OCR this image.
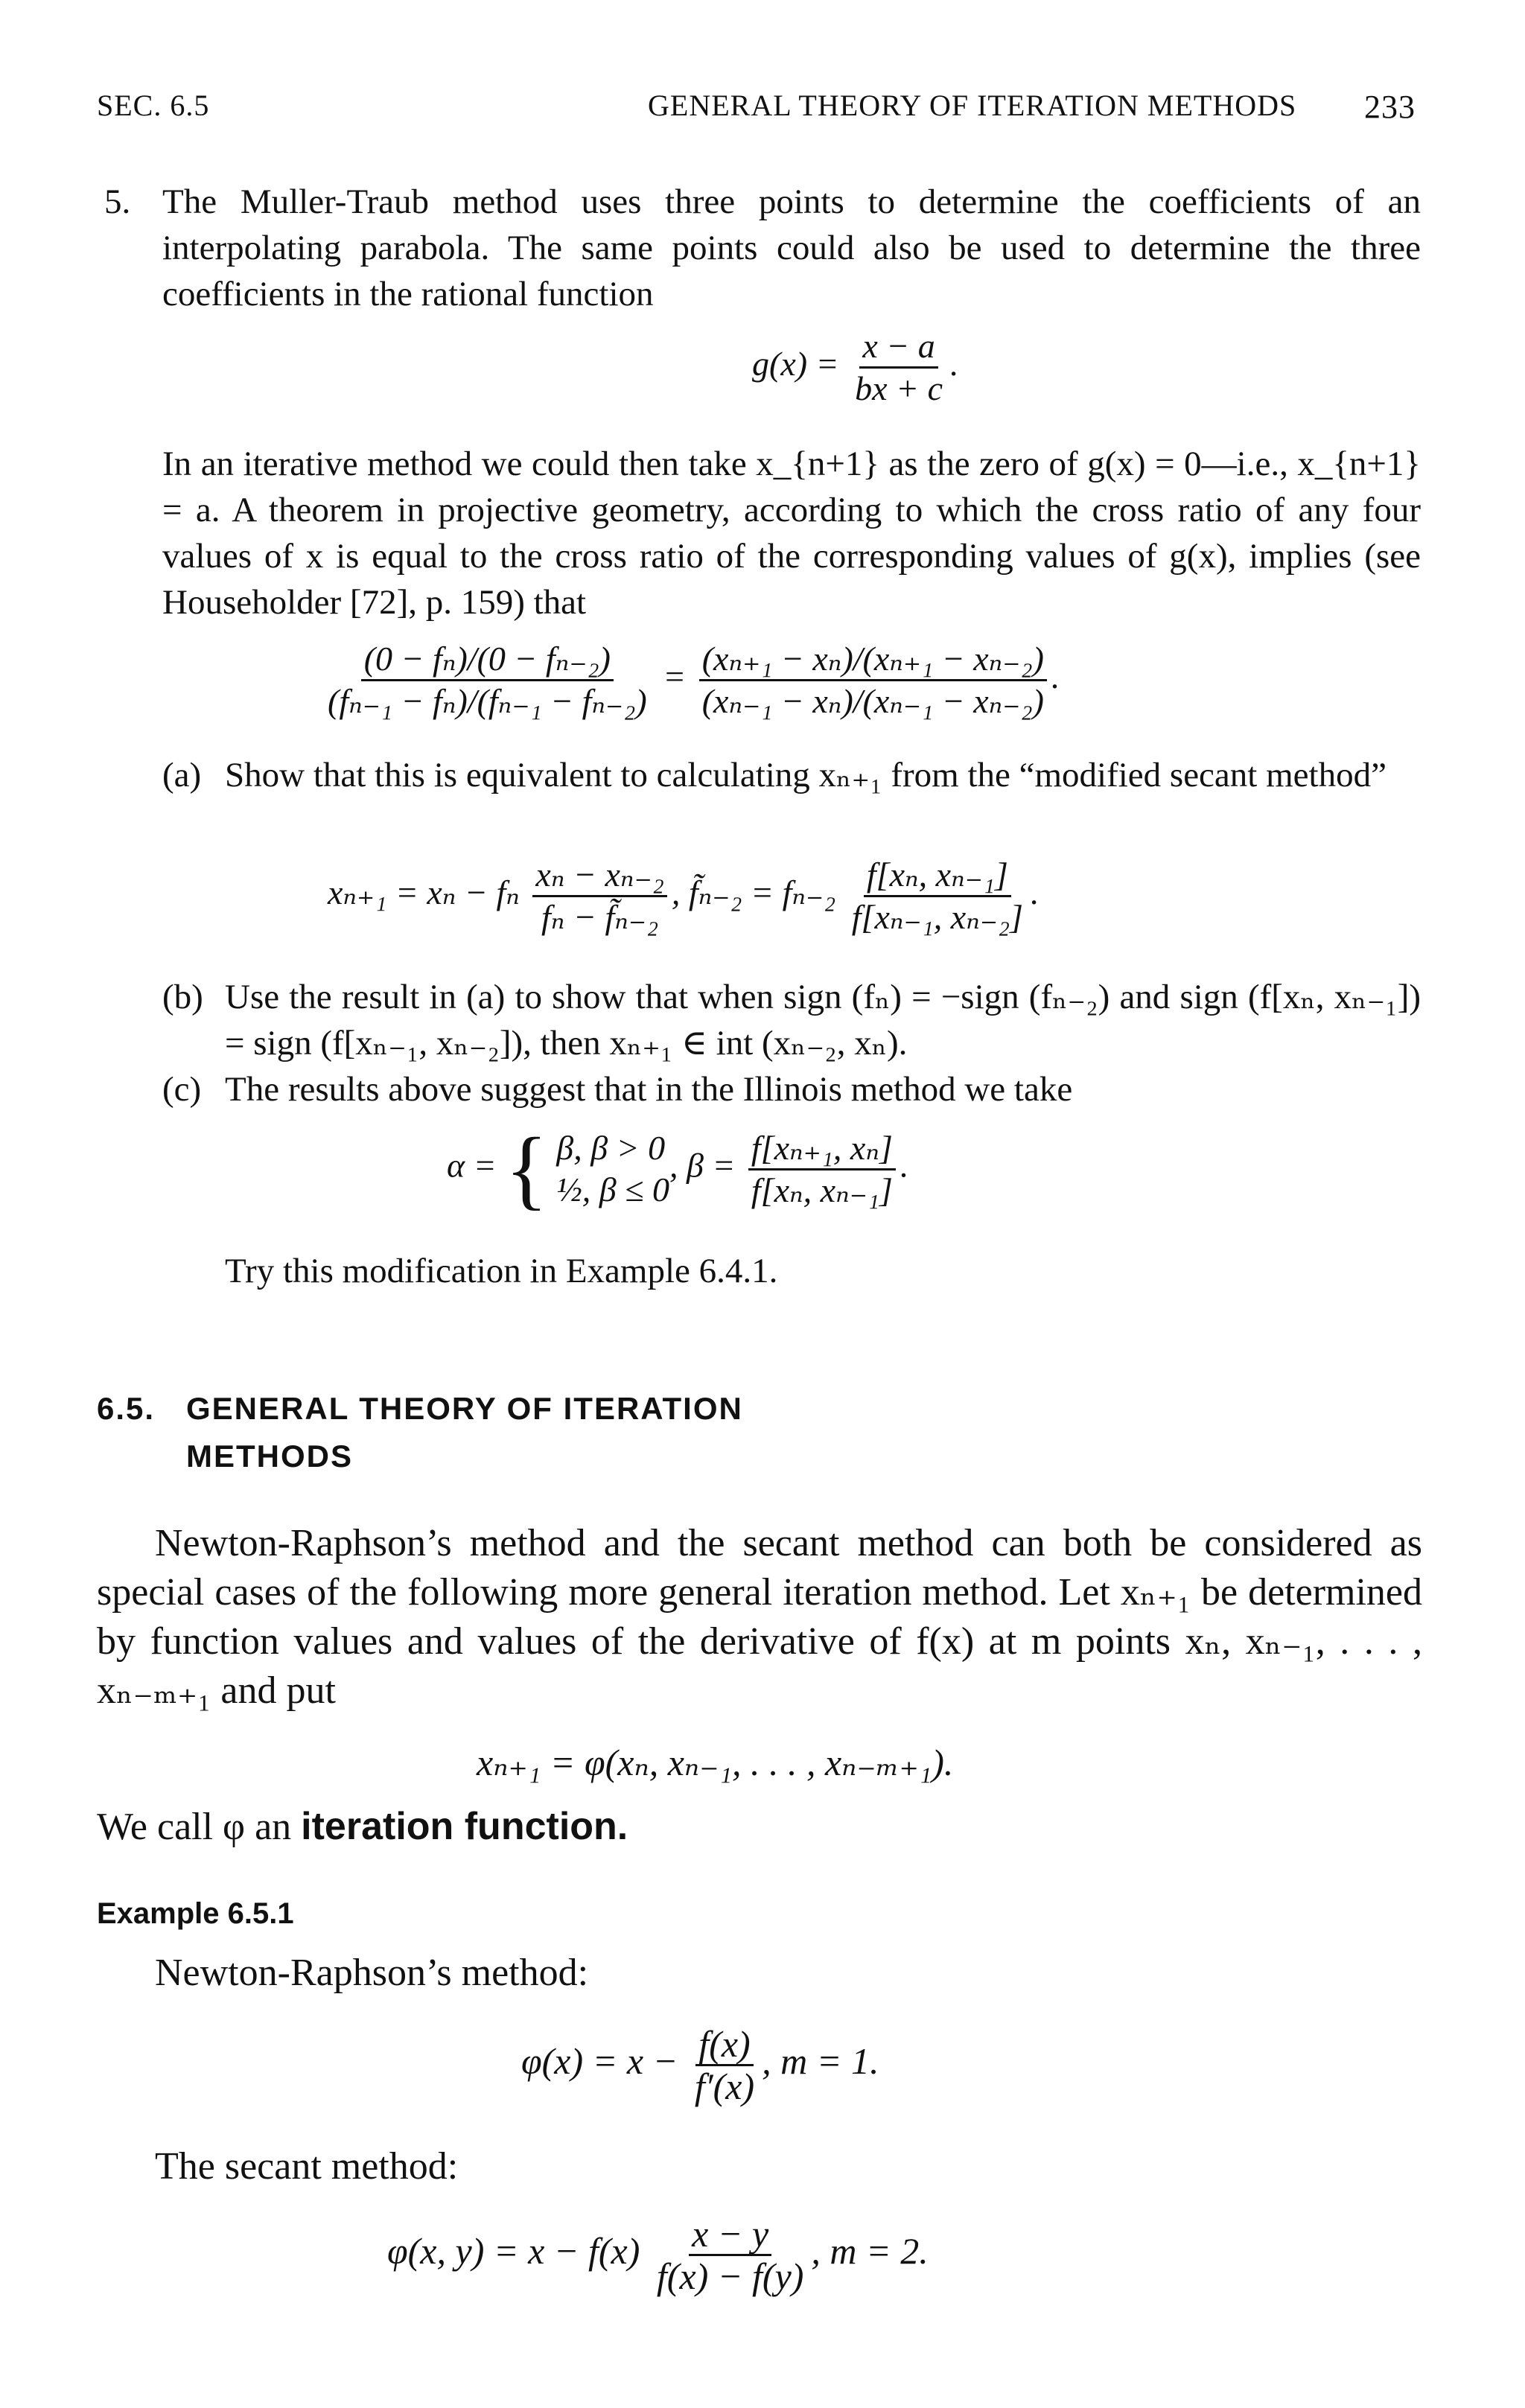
SEC. 6.5	GENERAL THEORY OF ITERATION METHODS 233
5. The Muller-Traub method uses three points to determine the coefficients of an interpolating parabola. The same points could also be used to determine the three coefficients in the rational function
$g(x) = \frac{x - a}{bx + c}$ .
In an iterative method we could then take x_{n+1} as the zero of g(x) = 0—i.e., x_{n+1} = a. A theorem in projective geometry, according to which the cross ratio of any four values of x is equal to the cross ratio of the corresponding values of g(x), implies (see Householder [72], p. 159) that
$\frac{\text{(0 − fₙ)/(0 − fₙ₋₂)}}{\text{(fₙ₋₁ − fₙ)/(fₙ₋₁ − fₙ₋₂)}} = \frac{\text{(xₙ₊₁ − xₙ)/(xₙ₊₁ − xₙ₋₂)}}{\text{(xₙ₋₁ − xₙ)/(xₙ₋₁ − xₙ₋₂)}}$ .
(a) Show that this is equivalent to calculating xₙ₊₁ from the “modified secant method”
xₙ₊₁ = xₙ − fₙ $\frac{\text{xₙ − xₙ₋₂}}{\text{fₙ − f̃ₙ₋₂}}$ , f̃ₙ₋₂ = $f_{n-2} \frac{\text{f[xₙ, xₙ₋₁]}}{\text{f[xₙ₋₁, xₙ₋₂]}}$ .
(b) Use the result in (a) to show that when sign (fₙ) = −sign (fₙ₋₂) and sign (f[xₙ, xₙ₋₁]) = sign (f[xₙ₋₁, xₙ₋₂]), then xₙ₊₁ ∈ int (xₙ₋₂, xₙ).
(c) The results above suggest that in the Illinois method we take
α = { β, β > 0
½, β ≤ 0
, $\beta = \frac{\text{f[xₙ₊₁, xₙ]}}{\text{f[xₙ, xₙ₋₁]}}$ .
Try this modification in Example 6.4.1.
6.5. GENERAL THEORY OF ITERATION
METHODS
Newton-Raphson’s method and the secant method can both be considered as special cases of the following more general iteration method. Let xₙ₊₁ be determined by function values and values of the derivative of f(x) at m points xₙ, xₙ₋₁, . . . , xₙ₋ₘ₊₁ and put
xₙ₊₁ = φ(xₙ, xₙ₋₁, . . . , xₙ₋ₘ₊₁).
We call φ an iteration function.
Example 6.5.1
Newton-Raphson’s method:
$\varphi(x) = x - \frac{f(x)}{f'(x)}$ , m = 1.
The secant method:
φ(x, $y) = x - f(x) \frac{x - y}{f(x) - f(y)}$ , m = 2.
